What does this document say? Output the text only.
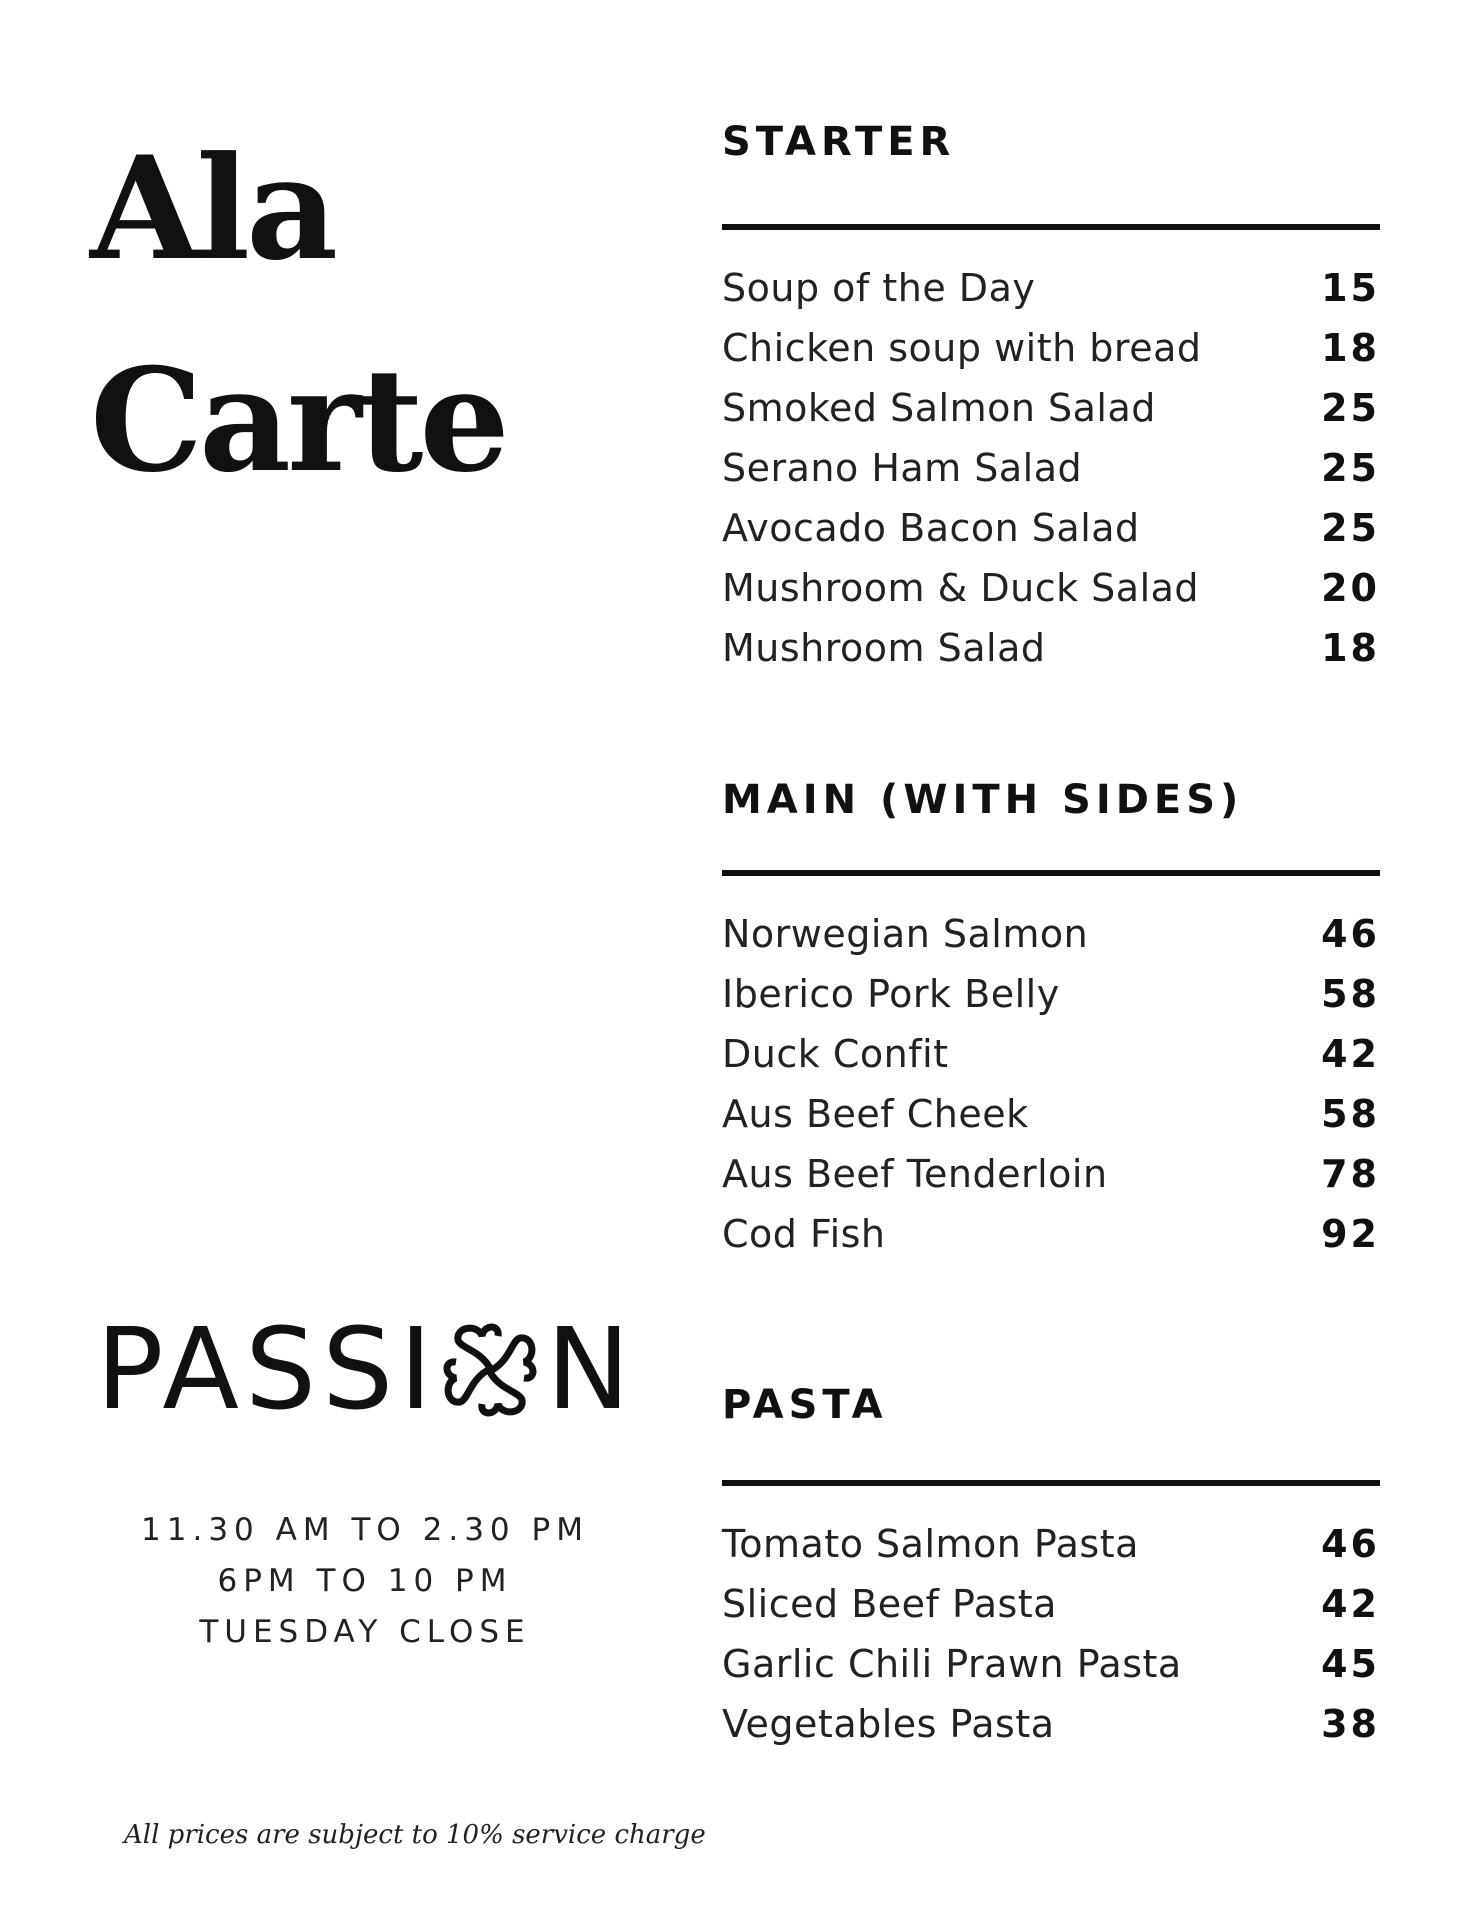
Ala
Carte
PASSI N
11.30 AM TO 2.30 PM
6PM TO 10 PM
TUESDAY CLOSE
All prices are subject to 10% service charge
STARTER
Soup of the Day	15
Chicken soup with bread	18
Smoked Salmon Salad	25
Serano Ham Salad	25
Avocado Bacon Salad	25
Mushroom & Duck Salad	20
Mushroom Salad	18
MAIN (WITH SIDES)
Norwegian Salmon	46
Iberico Pork Belly	58
Duck Confit	42
Aus Beef Cheek	58
Aus Beef Tenderloin	78
Cod Fish	92
PASTA
Tomato Salmon Pasta	46
Sliced Beef Pasta	42
Garlic Chili Prawn Pasta	45
Vegetables Pasta	38
